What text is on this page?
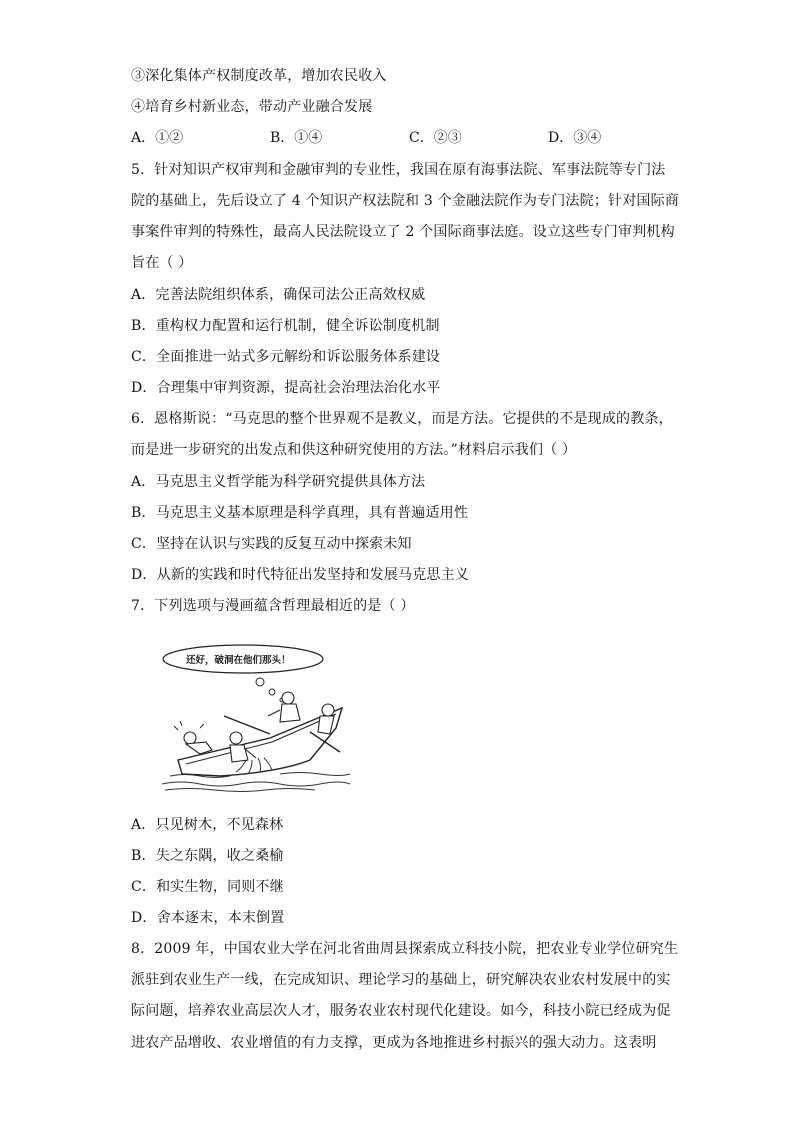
③深化集体产权制度改革，增加农民收入
④培育乡村新业态，带动产业融合发展
A．①②	B．①④	C．②③	D．③④
5．针对知识产权审判和金融审判的专业性，我国在原有海事法院、军事法院等专门法
院的基础上，先后设立了 4 个知识产权法院和 3 个金融法院作为专门法院；针对国际商
事案件审判的特殊性，最高人民法院设立了 2 个国际商事法庭。设立这些专门审判机构
旨在（ ）
A．完善法院组织体系，确保司法公正高效权威
B．重构权力配置和运行机制，健全诉讼制度机制
C．全面推进一站式多元解纷和诉讼服务体系建设
D．合理集中审判资源，提高社会治理法治化水平
6．恩格斯说：“马克思的整个世界观不是教义，而是方法。它提供的不是现成的教条，
而是进一步研究的出发点和供这种研究使用的方法。”材料启示我们（ ）
A．马克思主义哲学能为科学研究提供具体方法
B．马克思主义基本原理是科学真理，具有普遍适用性
C．坚持在认识与实践的反复互动中探索未知
D．从新的实践和时代特征出发坚持和发展马克思主义
7．下列选项与漫画蕴含哲理最相近的是（ ）
还好，破洞在他们那头！
A．只见树木，不见森林
B．失之东隅，收之桑榆
C．和实生物，同则不继
D．舍本逐末，本末倒置
8．2009 年，中国农业大学在河北省曲周县探索成立科技小院，把农业专业学位研究生
派驻到农业生产一线，在完成知识、理论学习的基础上，研究解决农业农村发展中的实
际问题，培养农业高层次人才，服务农业农村现代化建设。如今，科技小院已经成为促
进农产品增收、农业增值的有力支撑，更成为各地推进乡村振兴的强大动力。这表明
